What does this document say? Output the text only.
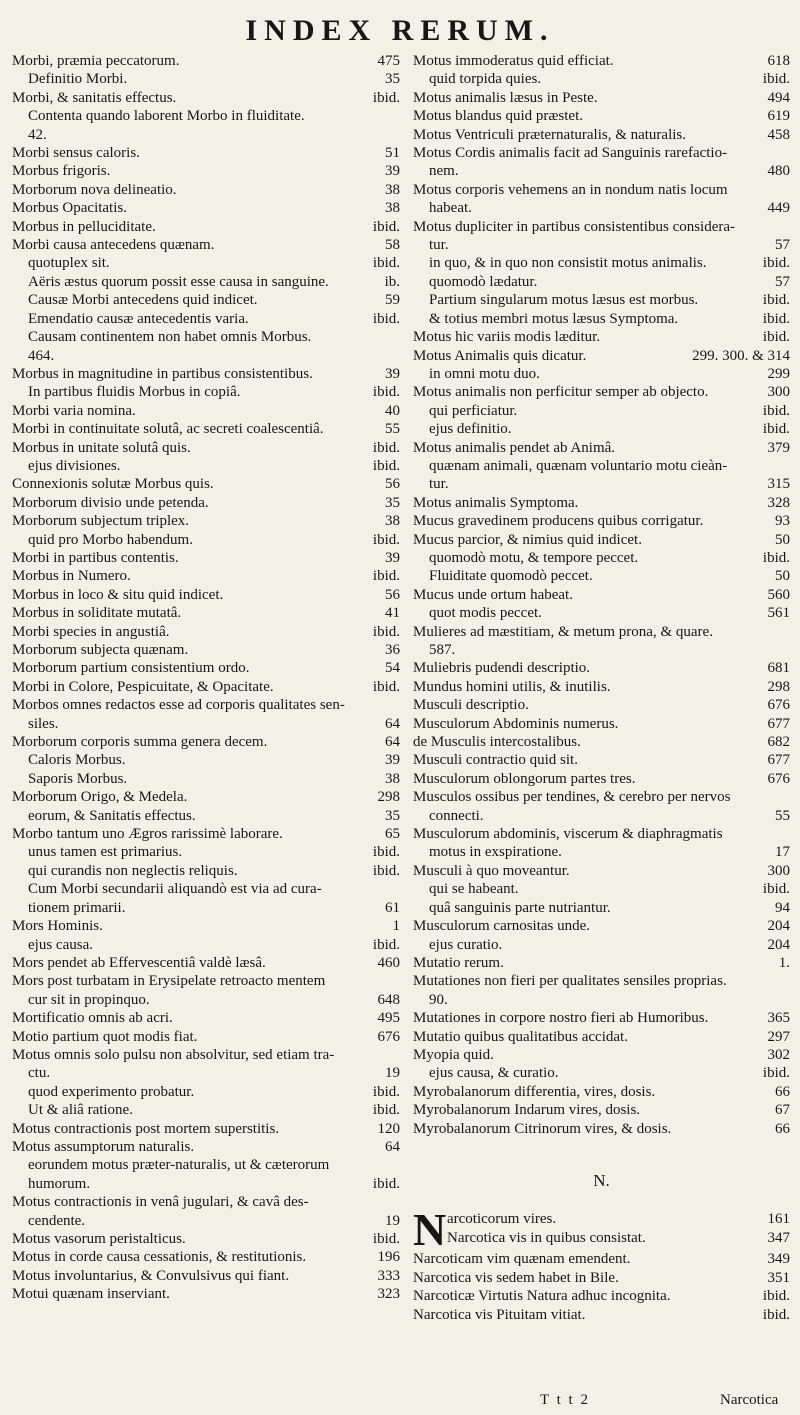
INDEX RERUM.
Morbi, præmia peccatorum.	475
Definitio Morbi.	35
Morbi, & sanitatis effectus.	ibid.
Contenta quando laborent Morbo in fluiditate.
42.
Morbi sensus caloris.	51
Morbus frigoris.	39
Morborum nova delineatio.	38
Morbus Opacitatis.	38
Morbus in pelluciditate.	ibid.
Morbi causa antecedens quænam.	58
quotuplex sit.	ibid.
Aëris æstus quorum possit esse causa in sanguine.	ib.
Causæ Morbi antecedens quid indicet.	59
Emendatio causæ antecedentis varia.	ibid.
Causam continentem non habet omnis Morbus.
464.
Morbus in magnitudine in partibus consistentibus.	39
In partibus fluidis Morbus in copiâ.	ibid.
Morbi varia nomina.	40
Morbi in continuitate solutâ, ac secreti coalescentiâ.	55
Morbus in unitate solutâ quis.	ibid.
ejus divisiones.	ibid.
Connexionis solutæ Morbus quis.	56
Morborum divisio unde petenda.	35
Morborum subjectum triplex.	38
quid pro Morbo habendum.	ibid.
Morbi in partibus contentis.	39
Morbus in Numero.	ibid.
Morbus in loco & situ quid indicet.	56
Morbus in soliditate mutatâ.	41
Morbi species in angustiâ.	ibid.
Morborum subjecta quænam.	36
Morborum partium consistentium ordo.	54
Morbi in Colore, Pespicuitate, & Opacitate.	ibid.
Morbos omnes redactos esse ad corporis qualitates sen-
siles.	64
Morborum corporis summa genera decem.	64
Caloris Morbus.	39
Saporis Morbus.	38
Morborum Origo, & Medela.	298
eorum, & Sanitatis effectus.	35
Morbo tantum uno Ægros rarissimè laborare.	65
unus tamen est primarius.	ibid.
qui curandis non neglectis reliquis.	ibid.
Cum Morbi secundarii aliquandò est via ad cura-
tionem primarii.	61
Mors Hominis.	1
ejus causa.	ibid.
Mors pendet ab Effervescentiâ valdè læsâ.	460
Mors post turbatam in Erysipelate retroacto mentem
cur sit in propinquo.	648
Mortificatio omnis ab acri.	495
Motio partium quot modis fiat.	676
Motus omnis solo pulsu non absolvitur, sed etiam tra-
ctu.	19
quod experimento probatur.	ibid.
Ut & aliâ ratione.	ibid.
Motus contractionis post mortem superstitis.	120
Motus assumptorum naturalis.	64
eorundem motus præter-naturalis, ut & cæterorum
humorum.	ibid.
Motus contractionis in venâ jugulari, & cavâ des-
cendente.	19
Motus vasorum peristalticus.	ibid.
Motus in corde causa cessationis, & restitutionis.	196
Motus involuntarius, & Convulsivus qui fiant.	333
Motui quænam inserviant.	323
Motus immoderatus quid efficiat.	618
quid torpida quies.	ibid.
Motus animalis læsus in Peste.	494
Motus blandus quid præstet.	619
Motus Ventriculi præternaturalis, & naturalis.	458
Motus Cordis animalis facit ad Sanguinis rarefactio-
nem.	480
Motus corporis vehemens an in nondum natis locum
habeat.	449
Motus dupliciter in partibus consistentibus considera-
tur.	57
in quo, & in quo non consistit motus animalis.	ibid.
quomodò lædatur.	57
Partium singularum motus læsus est morbus.	ibid.
& totius membri motus læsus Symptoma.	ibid.
Motus hic variis modis læditur.	ibid.
Motus Animalis quis dicatur.	299. 300. & 314
in omni motu duo.	299
Motus animalis non perficitur semper ab objecto.	300
qui perficiatur.	ibid.
ejus definitio.	ibid.
Motus animalis pendet ab Animâ.	379
quænam animali, quænam voluntario motu cieàn-
tur.	315
Motus animalis Symptoma.	328
Mucus gravedinem producens quibus corrigatur.	93
Mucus parcior, & nimius quid indicet.	50
quomodò motu, & tempore peccet.	ibid.
Fluiditate quomodò peccet.	50
Mucus unde ortum habeat.	560
quot modis peccet.	561
Mulieres ad mæstitiam, & metum prona, & quare.
587.
Muliebris pudendi descriptio.	681
Mundus homini utilis, & inutilis.	298
Musculi descriptio.	676
Musculorum Abdominis numerus.	677
de Musculis intercostalibus.	682
Musculi contractio quid sit.	677
Musculorum oblongorum partes tres.	676
Musculos ossibus per tendines, & cerebro per nervos
connecti.	55
Musculorum abdominis, viscerum & diaphragmatis
motus in exspiratione.	17
Musculi à quo moveantur.	300
qui se habeant.	ibid.
quâ sanguinis parte nutriantur.	94
Musculorum carnositas unde.	204
ejus curatio.	204
Mutatio rerum.	1.
Mutationes non fieri per qualitates sensiles proprias.
90.
Mutationes in corpore nostro fieri ab Humoribus.	365
Mutatio quibus qualitatibus accidat.	297
Myopia quid.	302
ejus causa, & curatio.	ibid.
Myrobalanorum differentia, vires, dosis.	66
Myrobalanorum Indarum vires, dosis.	67
Myrobalanorum Citrinorum vires, & dosis.	66
N.
N arcoticorum vires.	161
Narcotica vis in quibus consistat.	347
Narcoticam vim quænam emendent.	349
Narcotica vis sedem habet in Bile.	351
Narcoticæ Virtutis Natura adhuc incognita.	ibid.
Narcotica vis Pituitam vitiat.	ibid.
T t t 2	Narcotica
